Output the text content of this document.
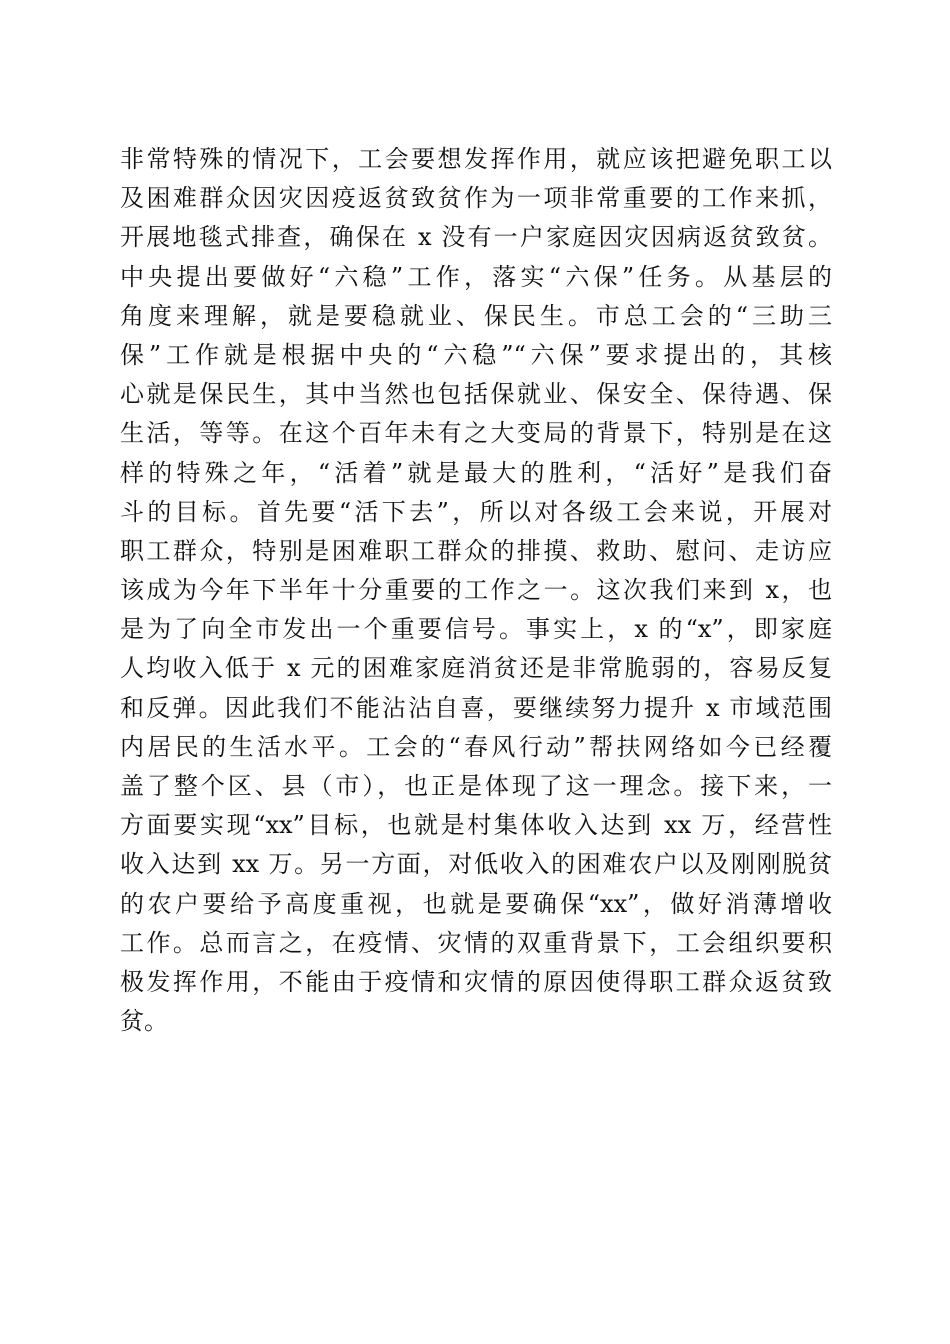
非常特殊的情况下，工会要想发挥作用，就应该把避免职工以
及困难群众因灾因疫返贫致贫作为一项非常重要的工作来抓，
开展地毯式排查，确保在 x 没有一户家庭因灾因病返贫致贫。
中央提出要做好“六稳”工作，落实“六保”任务。从基层的
角度来理解，就是要稳就业、保民生。市总工会的“三助三
保”工作就是根据中央的“六稳”“六保”要求提出的，其核
心就是保民生，其中当然也包括保就业、保安全、保待遇、保
生活，等等。在这个百年未有之大变局的背景下，特别是在这
样的特殊之年，“活着”就是最大的胜利，“活好”是我们奋
斗的目标。首先要“活下去”，所以对各级工会来说，开展对
职工群众，特别是困难职工群众的排摸、救助、慰问、走访应
该成为今年下半年十分重要的工作之一。这次我们来到 x，也
是为了向全市发出一个重要信号。事实上，x 的“x”，即家庭
人均收入低于 x 元的困难家庭消贫还是非常脆弱的，容易反复
和反弹。因此我们不能沾沾自喜，要继续努力提升 x 市域范围
内居民的生活水平。工会的“春风行动”帮扶网络如今已经覆
盖了整个区、县（市），也正是体现了这一理念。接下来，一
方面要实现“xx”目标，也就是村集体收入达到 xx 万，经营性
收入达到 xx 万。另一方面，对低收入的困难农户以及刚刚脱贫
的农户要给予高度重视，也就是要确保“xx”，做好消薄增收
工作。总而言之，在疫情、灾情的双重背景下，工会组织要积
极发挥作用，不能由于疫情和灾情的原因使得职工群众返贫致
贫。
